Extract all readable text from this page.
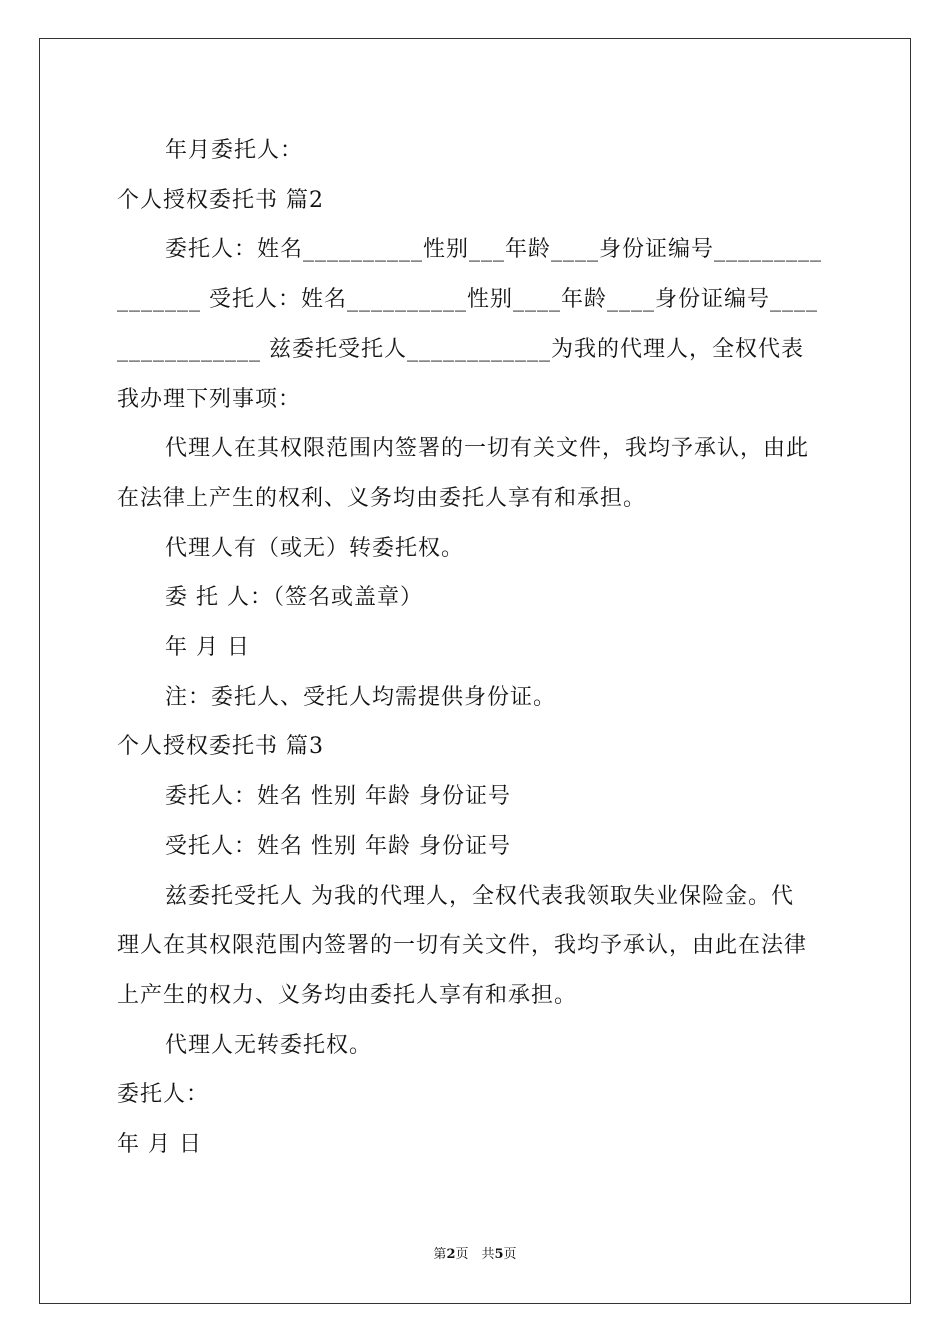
年月委托人：
个人授权委托书 篇2
委托人：姓名__________性别___年龄____身份证编号_________
_______ 受托人：姓名__________性别____年龄____身份证编号____
____________ 兹委托受托人____________为我的代理人，全权代表
我办理下列事项：
代理人在其权限范围内签署的一切有关文件，我均予承认，由此
在法律上产生的权利、义务均由委托人享有和承担。
代理人有（或无）转委托权。
委 托 人：（签名或盖章）
年 月 日
注：委托人、受托人均需提供身份证。
个人授权委托书 篇3
委托人：姓名 性别 年龄 身份证号
受托人：姓名 性别 年龄 身份证号
兹委托受托人 为我的代理人，全权代表我领取失业保险金。代
理人在其权限范围内签署的一切有关文件，我均予承认，由此在法律
上产生的权力、义务均由委托人享有和承担。
代理人无转委托权。
委托人：
年 月 日
第2页　共5页
